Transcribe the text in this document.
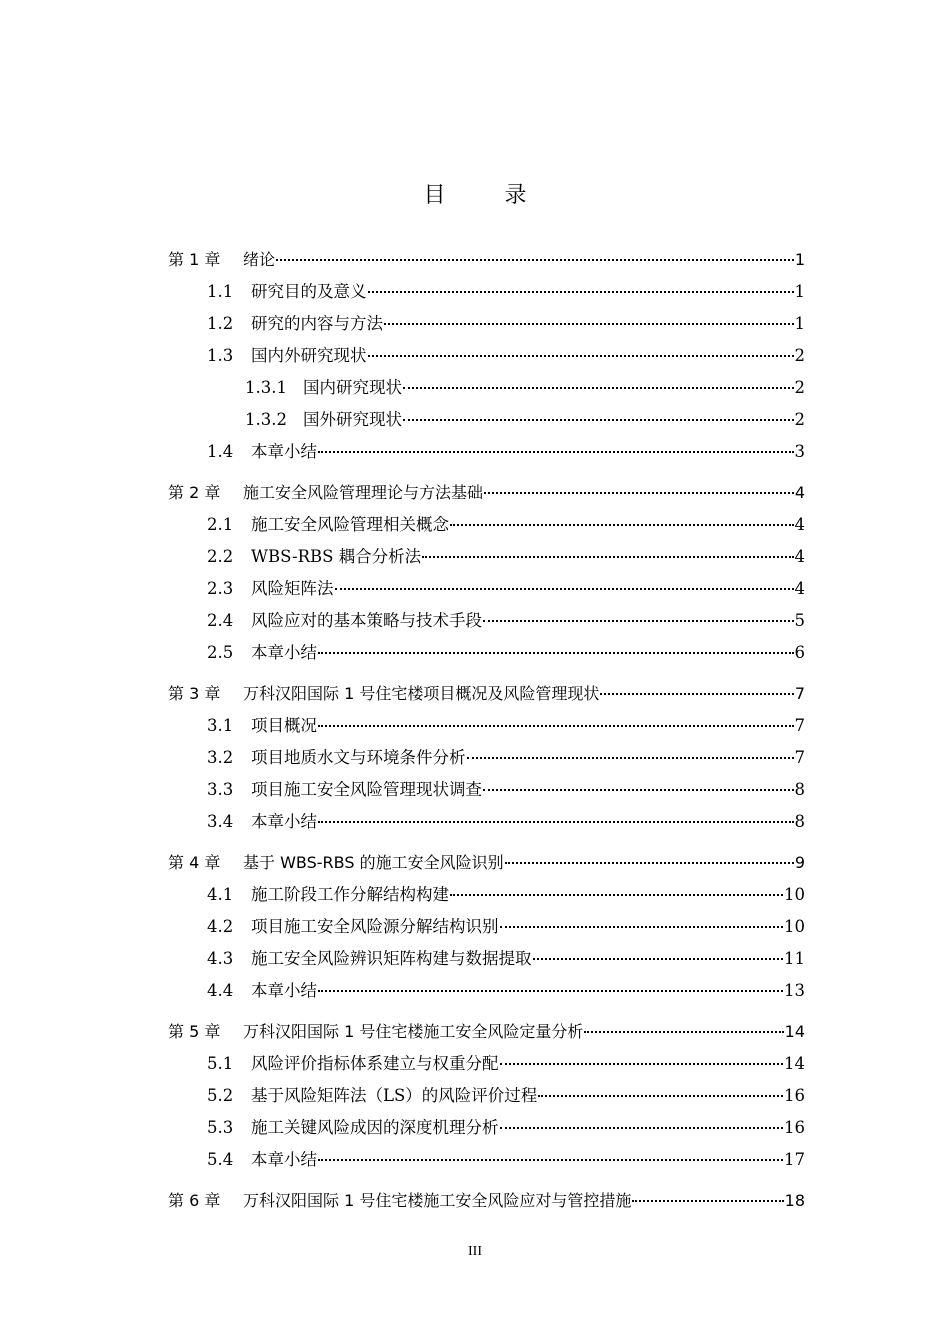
目	录
第 1 章	绪论	1
1.1	研究目的及意义	1
1.2	研究的内容与方法	1
1.3	国内外研究现状	2
1.3.1 国内研究现状	2
1.3.2 国外研究现状	2
1.4	本章小结	3
第 2 章	施工安全风险管理理论与方法基础	4
2.1	施工安全风险管理相关概念	4
2.2	WBS-RBS 耦合分析法	4
2.3	风险矩阵法	4
2.4	风险应对的基本策略与技术手段	5
2.5	本章小结	6
第 3 章	万科汉阳国际 1 号住宅楼项目概况及风险管理现状	7
3.1	项目概况	7
3.2	项目地质水文与环境条件分析	7
3.3	项目施工安全风险管理现状调查	8
3.4	本章小结	8
第 4 章	基于 WBS-RBS 的施工安全风险识别	9
4.1	施工阶段工作分解结构构建	10
4.2	项目施工安全风险源分解结构识别	10
4.3	施工安全风险辨识矩阵构建与数据提取	11
4.4	本章小结	13
第 5 章	万科汉阳国际 1 号住宅楼施工安全风险定量分析	14
5.1	风险评价指标体系建立与权重分配	14
5.2	基于风险矩阵法（LS）的风险评价过程	16
5.3	施工关键风险成因的深度机理分析	16
5.4	本章小结	17
第 6 章	万科汉阳国际 1 号住宅楼施工安全风险应对与管控措施	18
III
